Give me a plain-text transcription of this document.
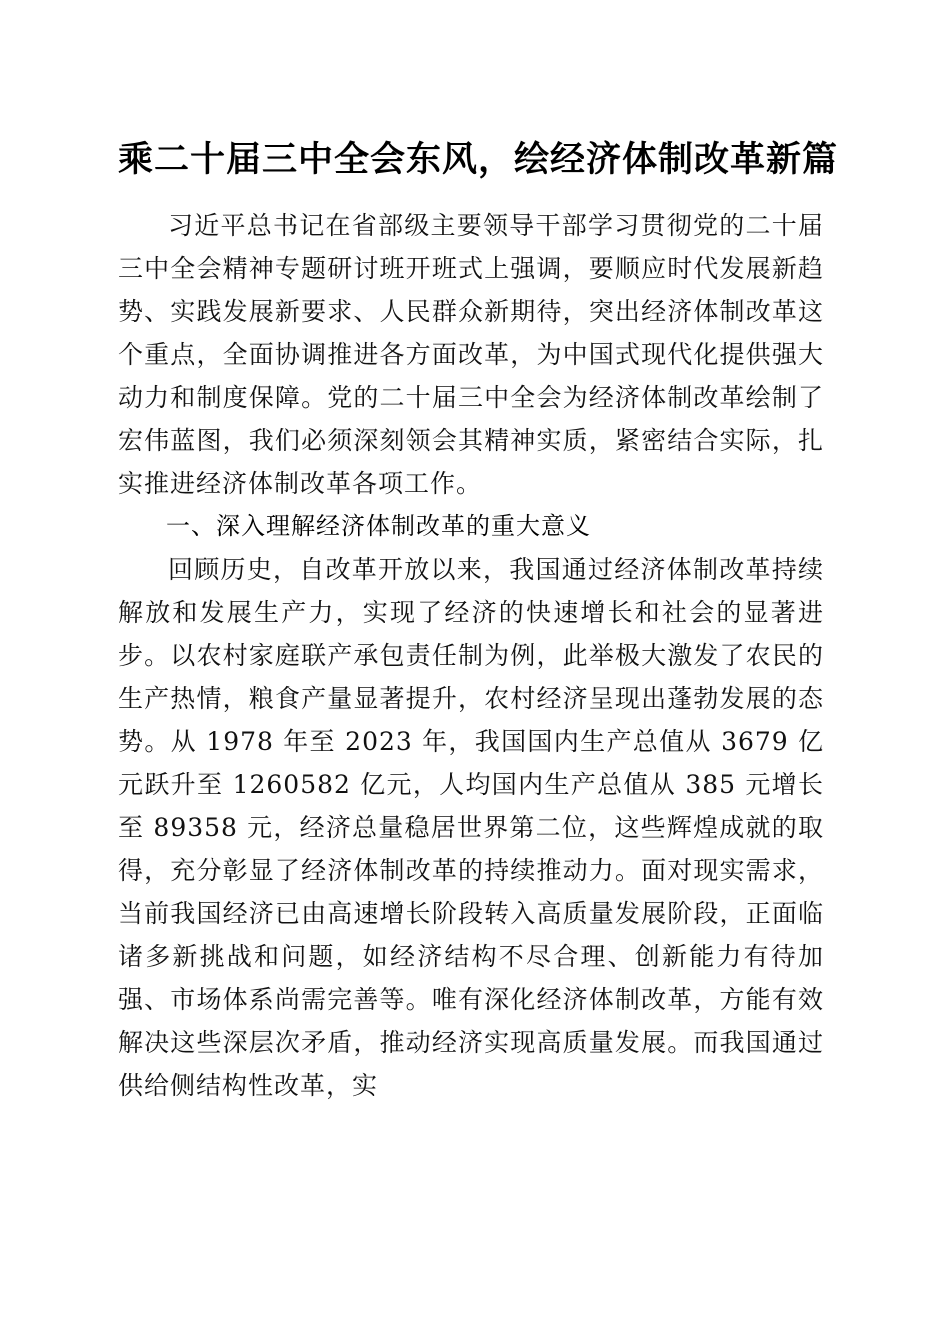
乘二十届三中全会东风，绘经济体制改革新篇

习近平总书记在省部级主要领导干部学习贯彻党的二十届三中全会精神专题研讨班开班式上强调，要顺应时代发展新趋势、实践发展新要求、人民群众新期待，突出经济体制改革这个重点，全面协调推进各方面改革，为中国式现代化提供强大动力和制度保障。党的二十届三中全会为经济体制改革绘制了宏伟蓝图，我们必须深刻领会其精神实质，紧密结合实际，扎实推进经济体制改革各项工作。

一、深入理解经济体制改革的重大意义

回顾历史，自改革开放以来，我国通过经济体制改革持续解放和发展生产力，实现了经济的快速增长和社会的显著进步。以农村家庭联产承包责任制为例，此举极大激发了农民的生产热情，粮食产量显著提升，农村经济呈现出蓬勃发展的态势。从 1978 年至 2023 年，我国国内生产总值从 3679 亿元跃升至 1260582 亿元，人均国内生产总值从 385 元增长至 89358 元，经济总量稳居世界第二位，这些辉煌成就的取得，充分彰显了经济体制改革的持续推动力。面对现实需求，当前我国经济已由高速增长阶段转入高质量发展阶段，正面临诸多新挑战和问题，如经济结构不尽合理、创新能力有待加强、市场体系尚需完善等。唯有深化经济体制改革，方能有效解决这些深层次矛盾，推动经济实现高质量发展。而我国通过供给侧结构性改革，实
